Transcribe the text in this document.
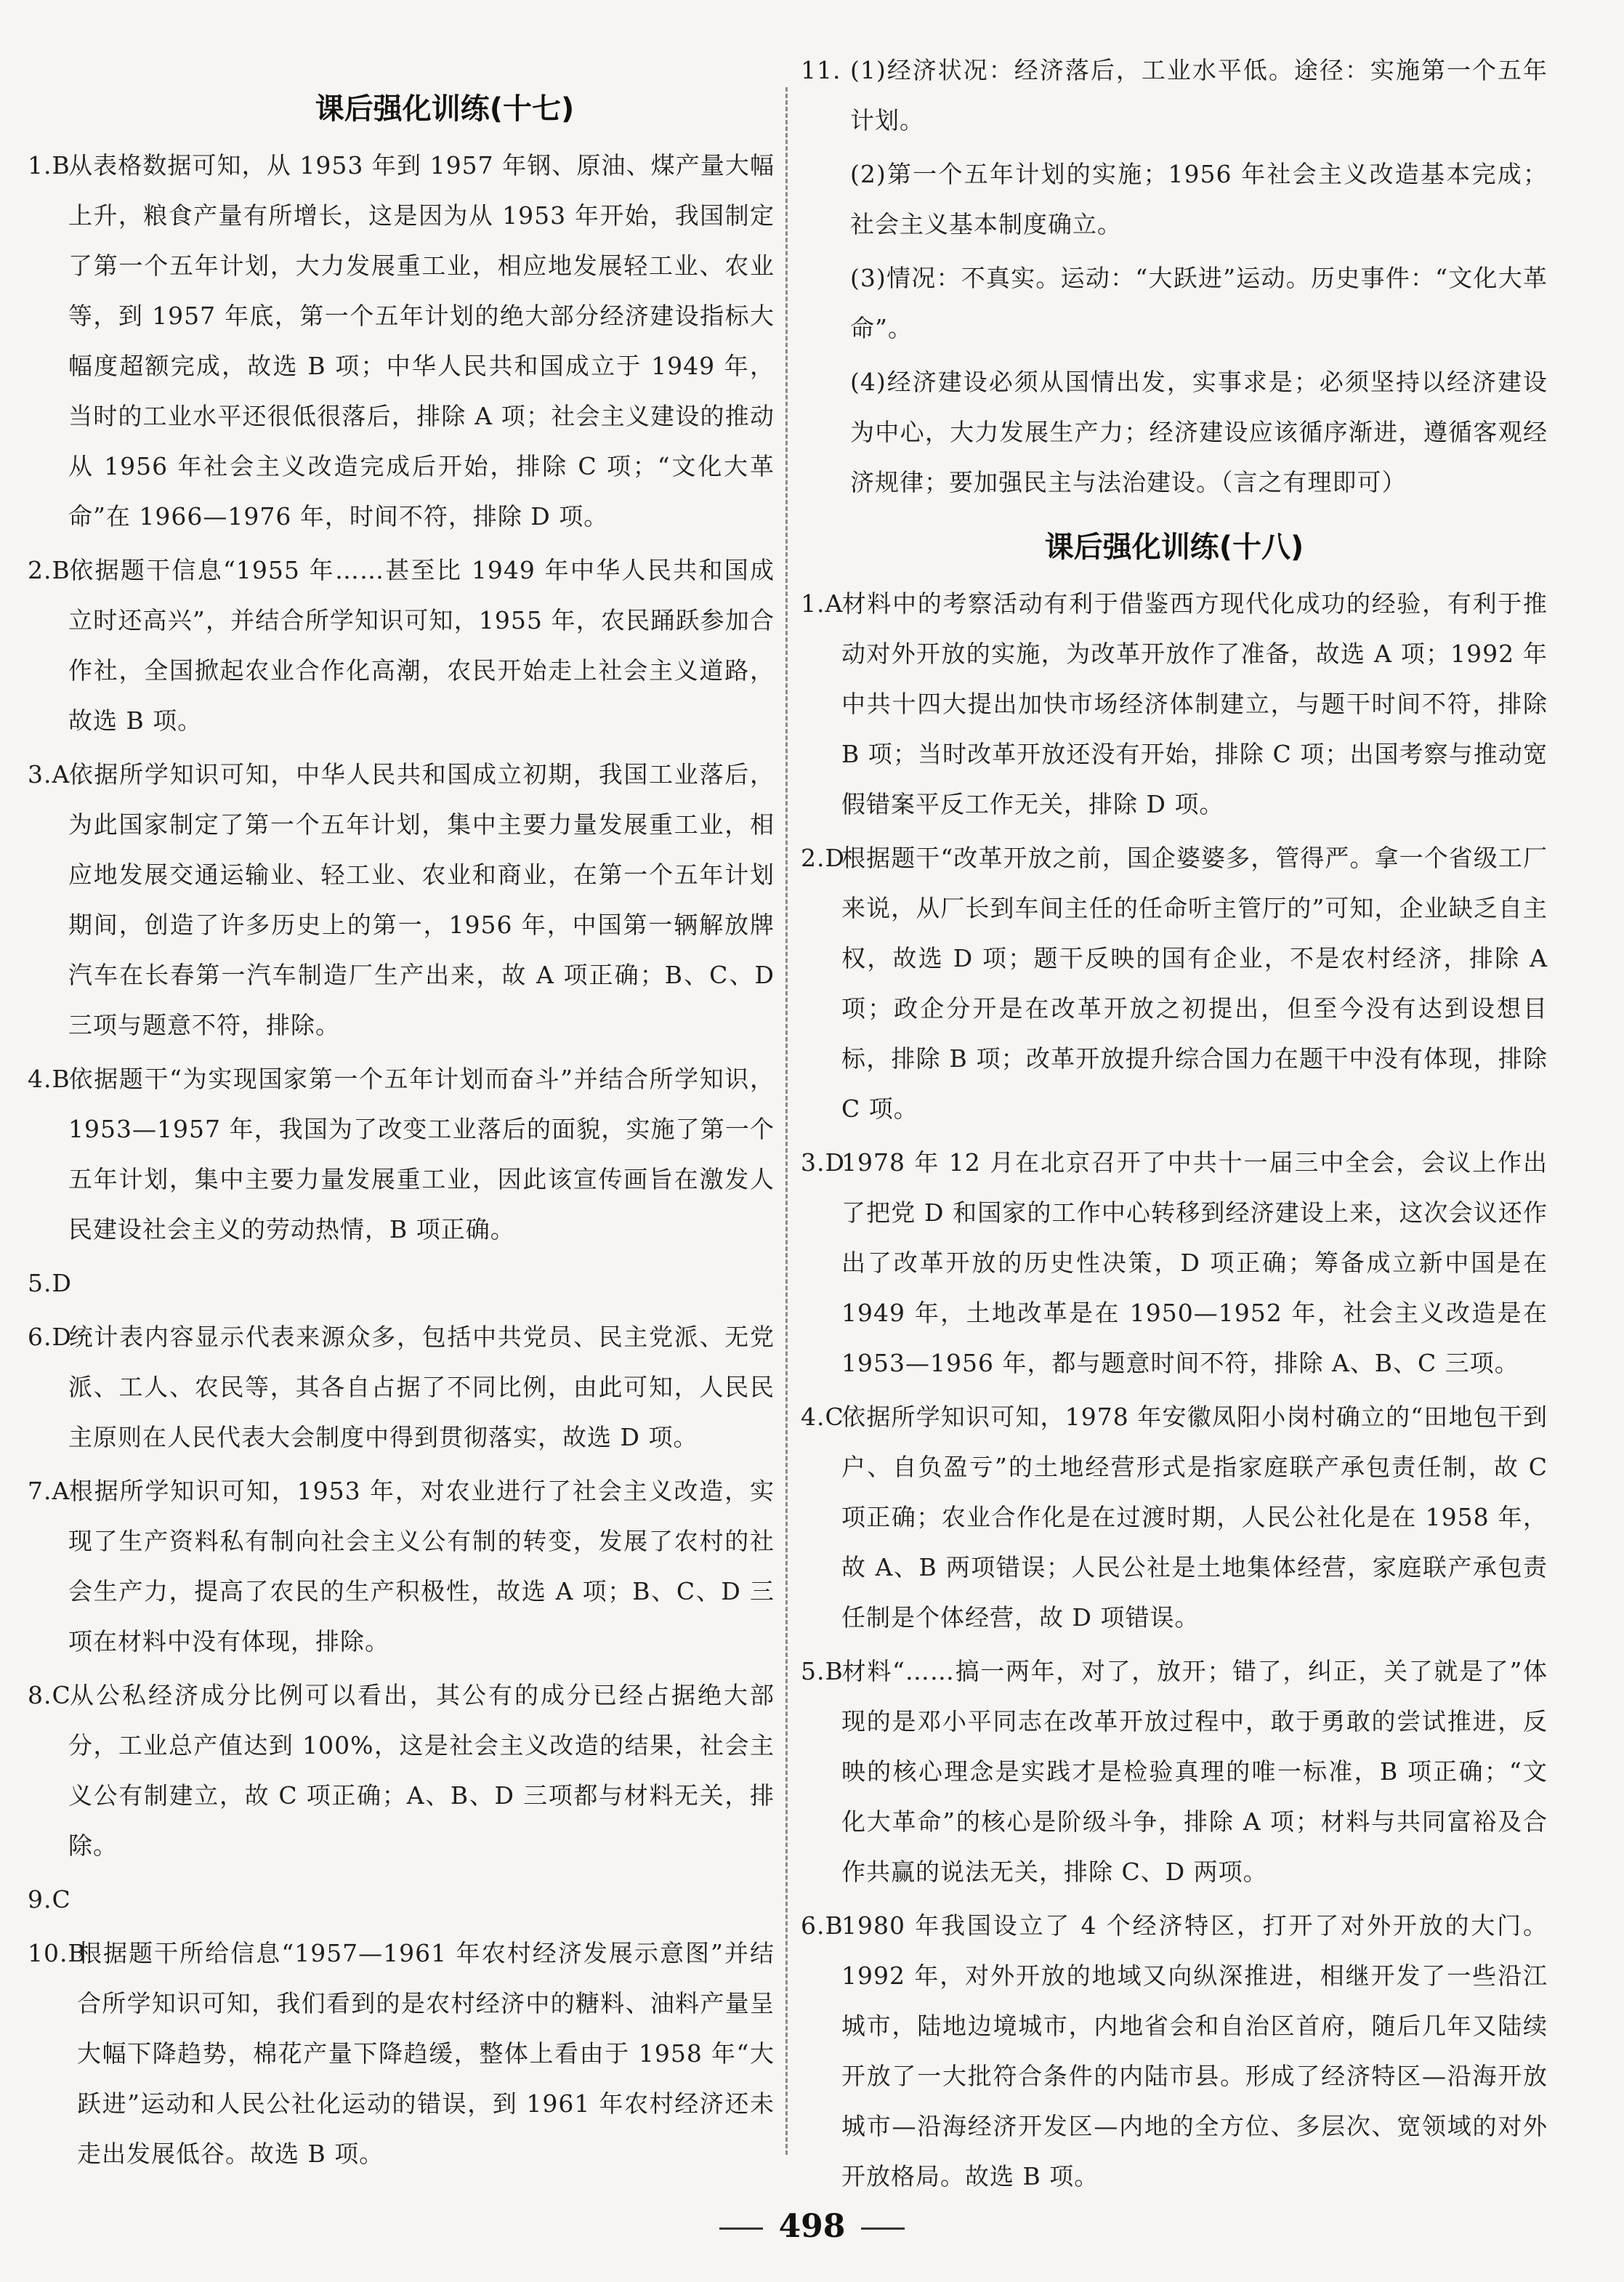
课后强化训练(十七)
1.B从表格数据可知，从 1953 年到 1957 年钢、原油、煤产量大幅上升，粮食产量有所增长，这是因为从 1953 年开始，我国制定了第一个五年计划，大力发展重工业，相应地发展轻工业、农业等，到 1957 年底，第一个五年计划的绝大部分经济建设指标大幅度超额完成，故选 B 项；中华人民共和国成立于 1949 年，当时的工业水平还很低很落后，排除 A 项；社会主义建设的推动从 1956 年社会主义改造完成后开始，排除 C 项；“文化大革命”在 1966—1976 年，时间不符，排除 D 项。
2.B依据题干信息“1955 年……甚至比 1949 年中华人民共和国成立时还高兴”，并结合所学知识可知，1955 年，农民踊跃参加合作社，全国掀起农业合作化高潮，农民开始走上社会主义道路，故选 B 项。
3.A依据所学知识可知，中华人民共和国成立初期，我国工业落后，为此国家制定了第一个五年计划，集中主要力量发展重工业，相应地发展交通运输业、轻工业、农业和商业，在第一个五年计划期间，创造了许多历史上的第一，1956 年，中国第一辆解放牌汽车在长春第一汽车制造厂生产出来，故 A 项正确；B、C、D 三项与题意不符，排除。
4.B依据题干“为实现国家第一个五年计划而奋斗”并结合所学知识，1953—1957 年，我国为了改变工业落后的面貌，实施了第一个五年计划，集中主要力量发展重工业，因此该宣传画旨在激发人民建设社会主义的劳动热情，B 项正确。
5.D
6.D统计表内容显示代表来源众多，包括中共党员、民主党派、无党派、工人、农民等，其各自占据了不同比例，由此可知，人民民主原则在人民代表大会制度中得到贯彻落实，故选 D 项。
7.A根据所学知识可知，1953 年，对农业进行了社会主义改造，实现了生产资料私有制向社会主义公有制的转变，发展了农村的社会生产力，提高了农民的生产积极性，故选 A 项；B、C、D 三项在材料中没有体现，排除。
8.C从公私经济成分比例可以看出，其公有的成分已经占据绝大部分，工业总产值达到 100%，这是社会主义改造的结果，社会主义公有制建立，故 C 项正确；A、B、D 三项都与材料无关，排除。
9.C
10.B根据题干所给信息“1957—1961 年农村经济发展示意图”并结合所学知识可知，我们看到的是农村经济中的糖料、油料产量呈大幅下降趋势，棉花产量下降趋缓，整体上看由于 1958 年“大跃进”运动和人民公社化运动的错误，到 1961 年农村经济还未走出发展低谷。故选 B 项。
11. (1)经济状况：经济落后，工业水平低。途径：实施第一个五年计划。
(2)第一个五年计划的实施；1956 年社会主义改造基本完成；社会主义基本制度确立。
(3)情况：不真实。运动：“大跃进”运动。历史事件：“文化大革命”。
(4)经济建设必须从国情出发，实事求是；必须坚持以经济建设为中心，大力发展生产力；经济建设应该循序渐进，遵循客观经济规律；要加强民主与法治建设。（言之有理即可）
课后强化训练(十八)
1.A材料中的考察活动有利于借鉴西方现代化成功的经验，有利于推动对外开放的实施，为改革开放作了准备，故选 A 项；1992 年中共十四大提出加快市场经济体制建立，与题干时间不符，排除 B 项；当时改革开放还没有开始，排除 C 项；出国考察与推动宽假错案平反工作无关，排除 D 项。
2.D根据题干“改革开放之前，国企婆婆多，管得严。拿一个省级工厂来说，从厂长到车间主任的任命听主管厅的”可知，企业缺乏自主权，故选 D 项；题干反映的国有企业，不是农村经济，排除 A 项；政企分开是在改革开放之初提出，但至今没有达到设想目标，排除 B 项；改革开放提升综合国力在题干中没有体现，排除 C 项。
3.D1978 年 12 月在北京召开了中共十一届三中全会，会议上作出了把党 D 和国家的工作中心转移到经济建设上来，这次会议还作出了改革开放的历史性决策，D 项正确；筹备成立新中国是在 1949 年，土地改革是在 1950—1952 年，社会主义改造是在 1953—1956 年，都与题意时间不符，排除 A、B、C 三项。
4.C依据所学知识可知，1978 年安徽凤阳小岗村确立的“田地包干到户、自负盈亏”的土地经营形式是指家庭联产承包责任制，故 C 项正确；农业合作化是在过渡时期，人民公社化是在 1958 年，故 A、B 两项错误；人民公社是土地集体经营，家庭联产承包责任制是个体经营，故 D 项错误。
5.B材料“……搞一两年，对了，放开；错了，纠正，关了就是了”体现的是邓小平同志在改革开放过程中，敢于勇敢的尝试推进，反映的核心理念是实践才是检验真理的唯一标准，B 项正确；“文化大革命”的核心是阶级斗争，排除 A 项；材料与共同富裕及合作共赢的说法无关，排除 C、D 两项。
6.B1980 年我国设立了 4 个经济特区，打开了对外开放的大门。1992 年，对外开放的地域又向纵深推进，相继开发了一些沿江城市，陆地边境城市，内地省会和自治区首府，随后几年又陆续开放了一大批符合条件的内陆市县。形成了经济特区—沿海开放城市—沿海经济开发区—内地的全方位、多层次、宽领域的对外开放格局。故选 B 项。
498
